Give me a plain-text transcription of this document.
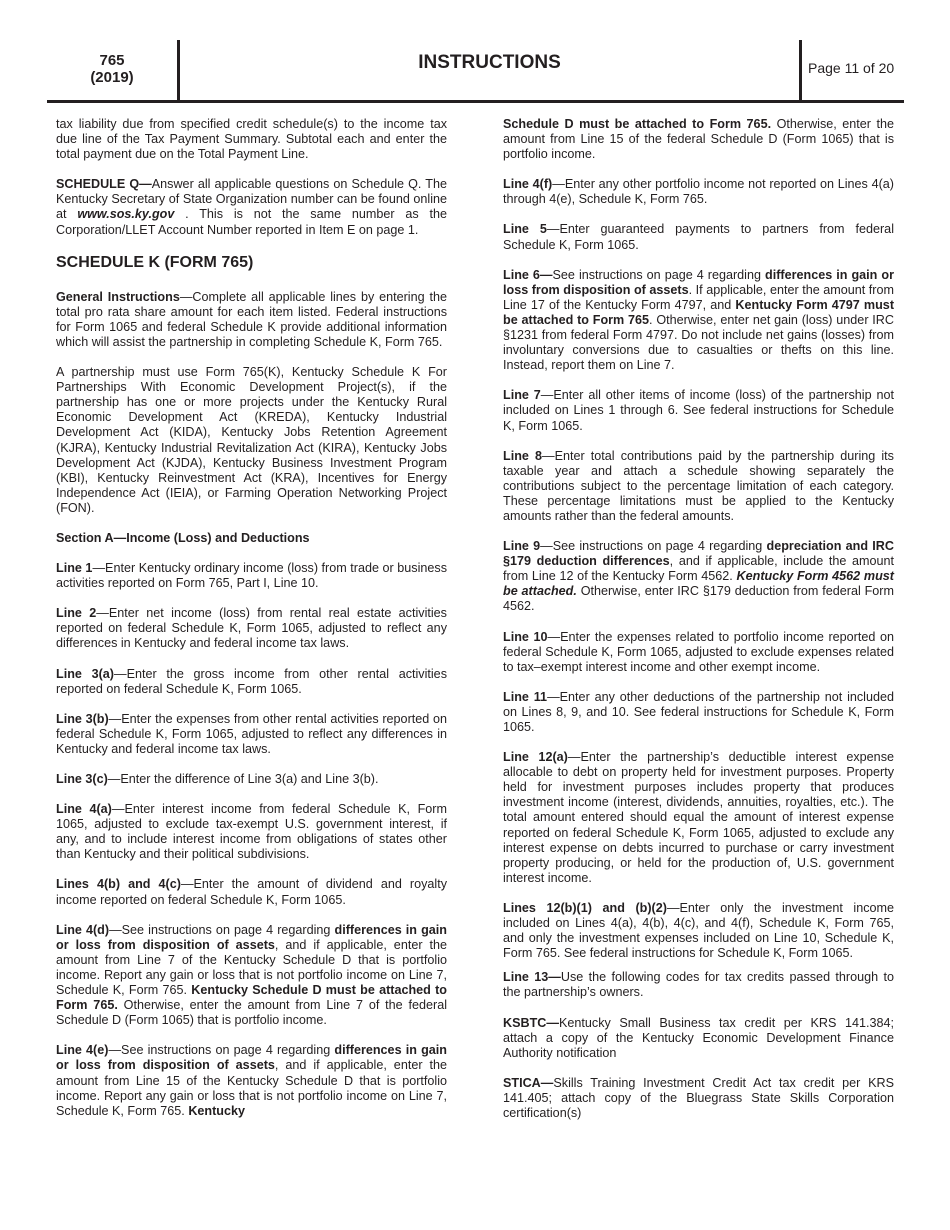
765
(2019)
INSTRUCTIONS	Page 11 of 20

tax liability due from specified credit schedule(s) to the income tax due line of the Tax Payment Summary. Subtotal each and enter the total payment due on the Total Payment Line.

SCHEDULE Q—Answer all applicable questions on Schedule Q. The Kentucky Secretary of State Organization number can be found online at www.sos.ky.gov . This is not the same number as the Corporation/LLET Account Number reported in Item E on page 1.

SCHEDULE K (FORM 765)

General Instructions—Complete all applicable lines by entering the total pro rata share amount for each item listed. Federal instructions for Form 1065 and federal Schedule K provide additional information which will assist the partnership in completing Schedule K, Form 765.

A partnership must use Form 765(K), Kentucky Schedule K For Partnerships With Economic Development Project(s), if the partnership has one or more projects under the Kentucky Rural Economic Development Act (KREDA), Kentucky Industrial Development Act (KIDA), Kentucky Jobs Retention Agreement (KJRA), Kentucky Industrial Revitalization Act (KIRA), Kentucky Jobs Development Act (KJDA), Kentucky Business Investment Program (KBI), Kentucky Reinvestment Act (KRA), Incentives for Energy Independence Act (IEIA), or Farming Operation Networking Project (FON).

Section A—Income (Loss) and Deductions

Line 1—Enter Kentucky ordinary income (loss) from trade or business activities reported on Form 765, Part I, Line 10.

Line 2—Enter net income (loss) from rental real estate activities reported on federal Schedule K, Form 1065, adjusted to reflect any differences in Kentucky and federal income tax laws.

Line 3(a)—Enter the gross income from other rental activities reported on federal Schedule K, Form 1065.

Line 3(b)—Enter the expenses from other rental activities reported on federal Schedule K, Form 1065, adjusted to reflect any differences in Kentucky and federal income tax laws.

Line 3(c)—Enter the difference of Line 3(a) and Line 3(b).

Line 4(a)—Enter interest income from federal Schedule K, Form 1065, adjusted to exclude tax-exempt U.S. government interest, if any, and to include interest income from obligations of states other than Kentucky and their political subdivisions.

Lines 4(b) and 4(c)—Enter the amount of dividend and royalty income reported on federal Schedule K, Form 1065.

Line 4(d)—See instructions on page 4 regarding differences in gain or loss from disposition of assets, and if applicable, enter the amount from Line 7 of the Kentucky Schedule D that is portfolio income. Report any gain or loss that is not portfolio income on Line 7, Schedule K, Form 765. Kentucky Schedule D must be attached to Form 765. Otherwise, enter the amount from Line 7 of the federal Schedule D (Form 1065) that is portfolio income.

Line 4(e)—See instructions on page 4 regarding differences in gain or loss from disposition of assets, and if applicable, enter the amount from Line 15 of the Kentucky Schedule D that is portfolio income. Report any gain or loss that is not portfolio income on Line 7, Schedule K, Form 765. Kentucky

Schedule D must be attached to Form 765. Otherwise, enter the amount from Line 15 of the federal Schedule D (Form 1065) that is portfolio income.

Line 4(f)—Enter any other portfolio income not reported on Lines 4(a) through 4(e), Schedule K, Form 765.

Line 5—Enter guaranteed payments to partners from federal Schedule K, Form 1065.

Line 6—See instructions on page 4 regarding differences in gain or loss from disposition of assets. If applicable, enter the amount from Line 17 of the Kentucky Form 4797, and Kentucky Form 4797 must be attached to Form 765. Otherwise, enter net gain (loss) under IRC §1231 from federal Form 4797. Do not include net gains (losses) from involuntary conversions due to casualties or thefts on this line. Instead, report them on Line 7.

Line 7—Enter all other items of income (loss) of the partnership not included on Lines 1 through 6. See federal instructions for Schedule K, Form 1065.

Line 8—Enter total contributions paid by the partnership during its taxable year and attach a schedule showing separately the contributions subject to the percentage limitation of each category. These percentage limitations must be applied to the Kentucky amounts rather than the federal amounts.

Line 9—See instructions on page 4 regarding depreciation and IRC §179 deduction differences, and if applicable, include the amount from Line 12 of the Kentucky Form 4562. Kentucky Form 4562 must be attached. Otherwise, enter IRC §179 deduction from federal Form 4562.

Line 10—Enter the expenses related to portfolio income reported on federal Schedule K, Form 1065, adjusted to exclude expenses related to tax–exempt interest income and other exempt income.

Line 11—Enter any other deductions of the partnership not included on Lines 8, 9, and 10. See federal instructions for Schedule K, Form 1065.

Line 12(a)—Enter the partnership’s deductible interest expense allocable to debt on property held for investment purposes. Property held for investment purposes includes property that produces investment income (interest, dividends, annuities, royalties, etc.). The total amount entered should equal the amount of interest expense reported on federal Schedule K, Form 1065, adjusted to exclude any interest expense on debts incurred to purchase or carry investment property producing, or held for the production of, U.S. government interest income.

Lines 12(b)(1) and (b)(2)—Enter only the investment income included on Lines 4(a), 4(b), 4(c), and 4(f), Schedule K, Form 765, and only the investment expenses included on Line 10, Schedule K, Form 765. See federal instructions for Schedule K, Form 1065.

Line 13—Use the following codes for tax credits passed through to the partnership’s owners.

KSBTC—Kentucky Small Business tax credit per KRS 141.384; attach a copy of the Kentucky Economic Development Finance Authority notification

STICA—Skills Training Investment Credit Act tax credit per KRS 141.405; attach copy of the Bluegrass State Skills Corporation certification(s)
